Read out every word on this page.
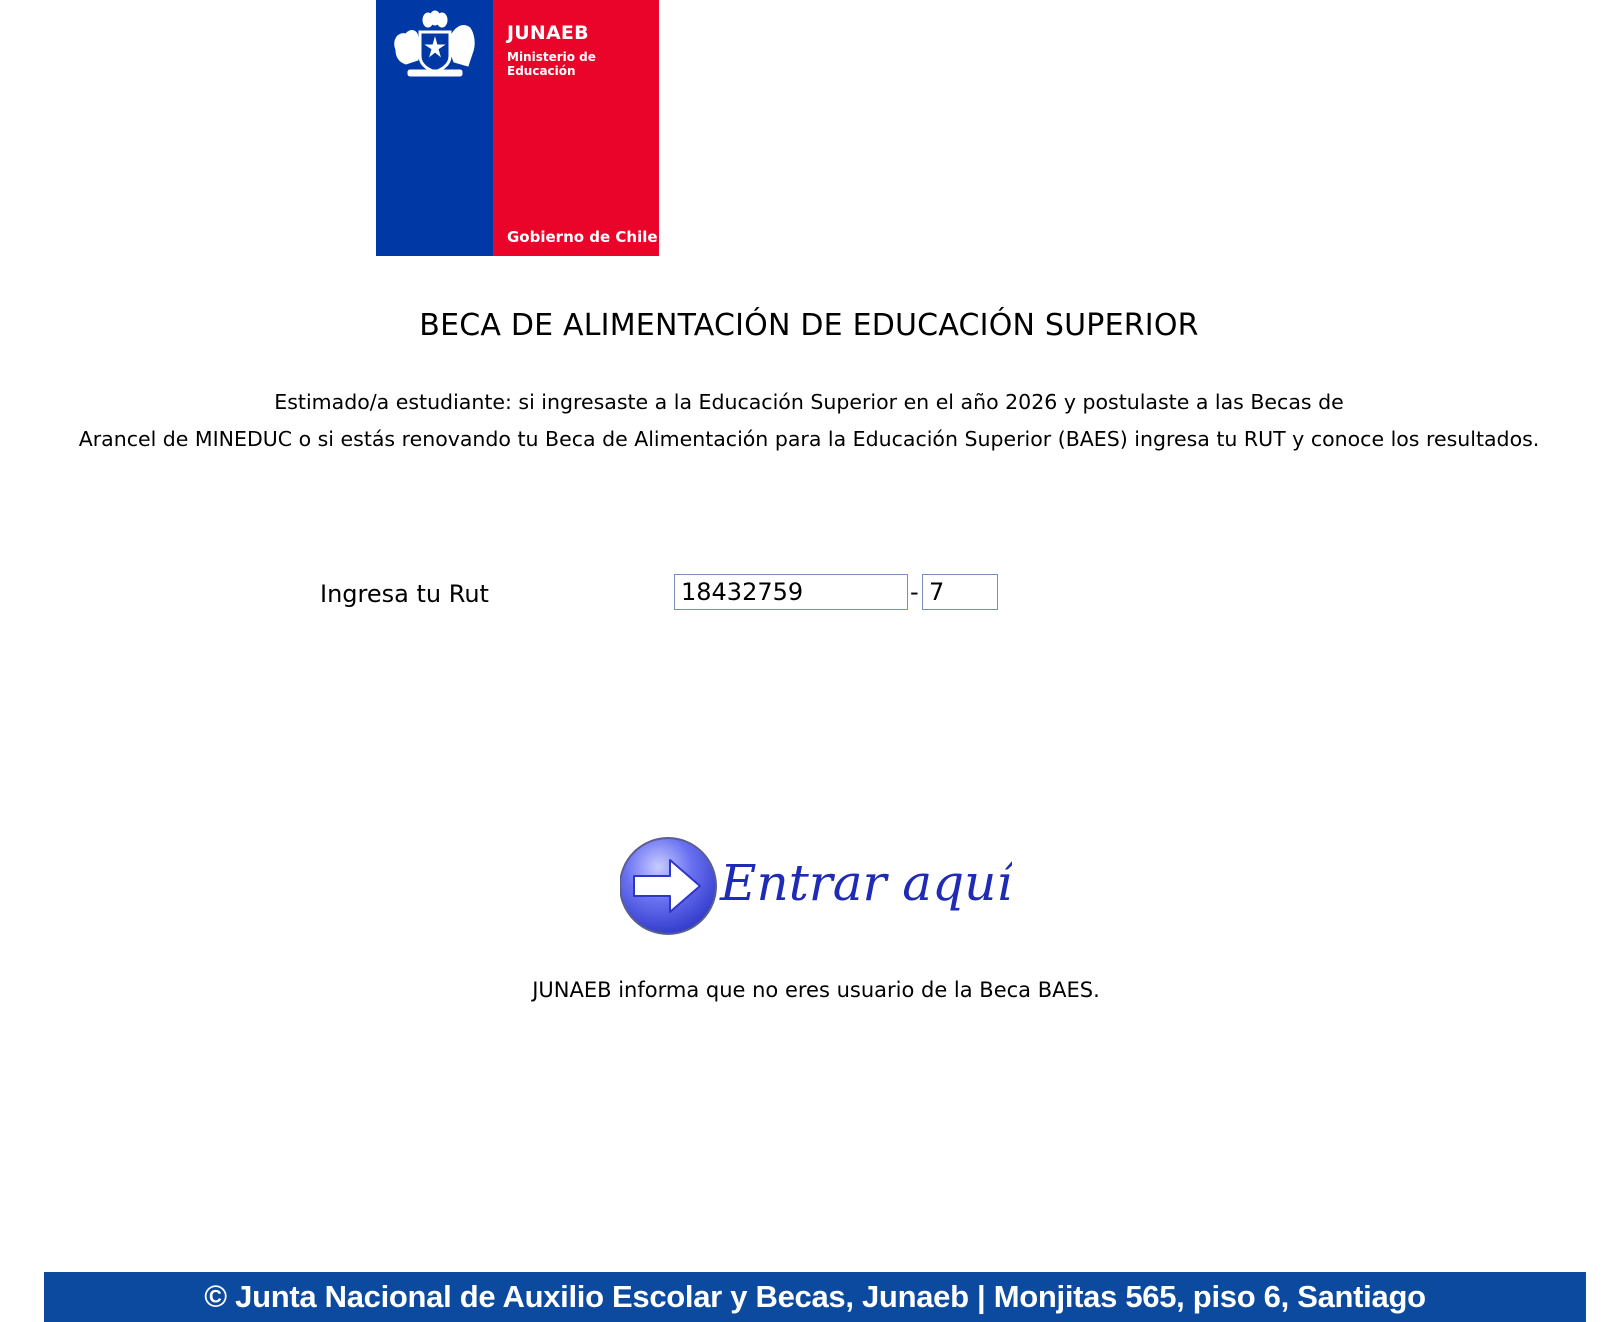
JUNAEB
Ministerio de Educación
Gobierno de Chile
BECA DE ALIMENTACIÓN DE EDUCACIÓN SUPERIOR
Estimado/a estudiante: si ingresaste a la Educación Superior en el año 2026 y postulaste a las Becas de
Arancel de MINEDUC o si estás renovando tu Beca de Alimentación para la Educación Superior (BAES) ingresa tu RUT y conoce los resultados.
Ingresa tu Rut
18432759	-
7
Entrar aquí
JUNAEB informa que no eres usuario de la Beca BAES.
© Junta Nacional de Auxilio Escolar y Becas, Junaeb | Monjitas 565, piso 6, Santiago
